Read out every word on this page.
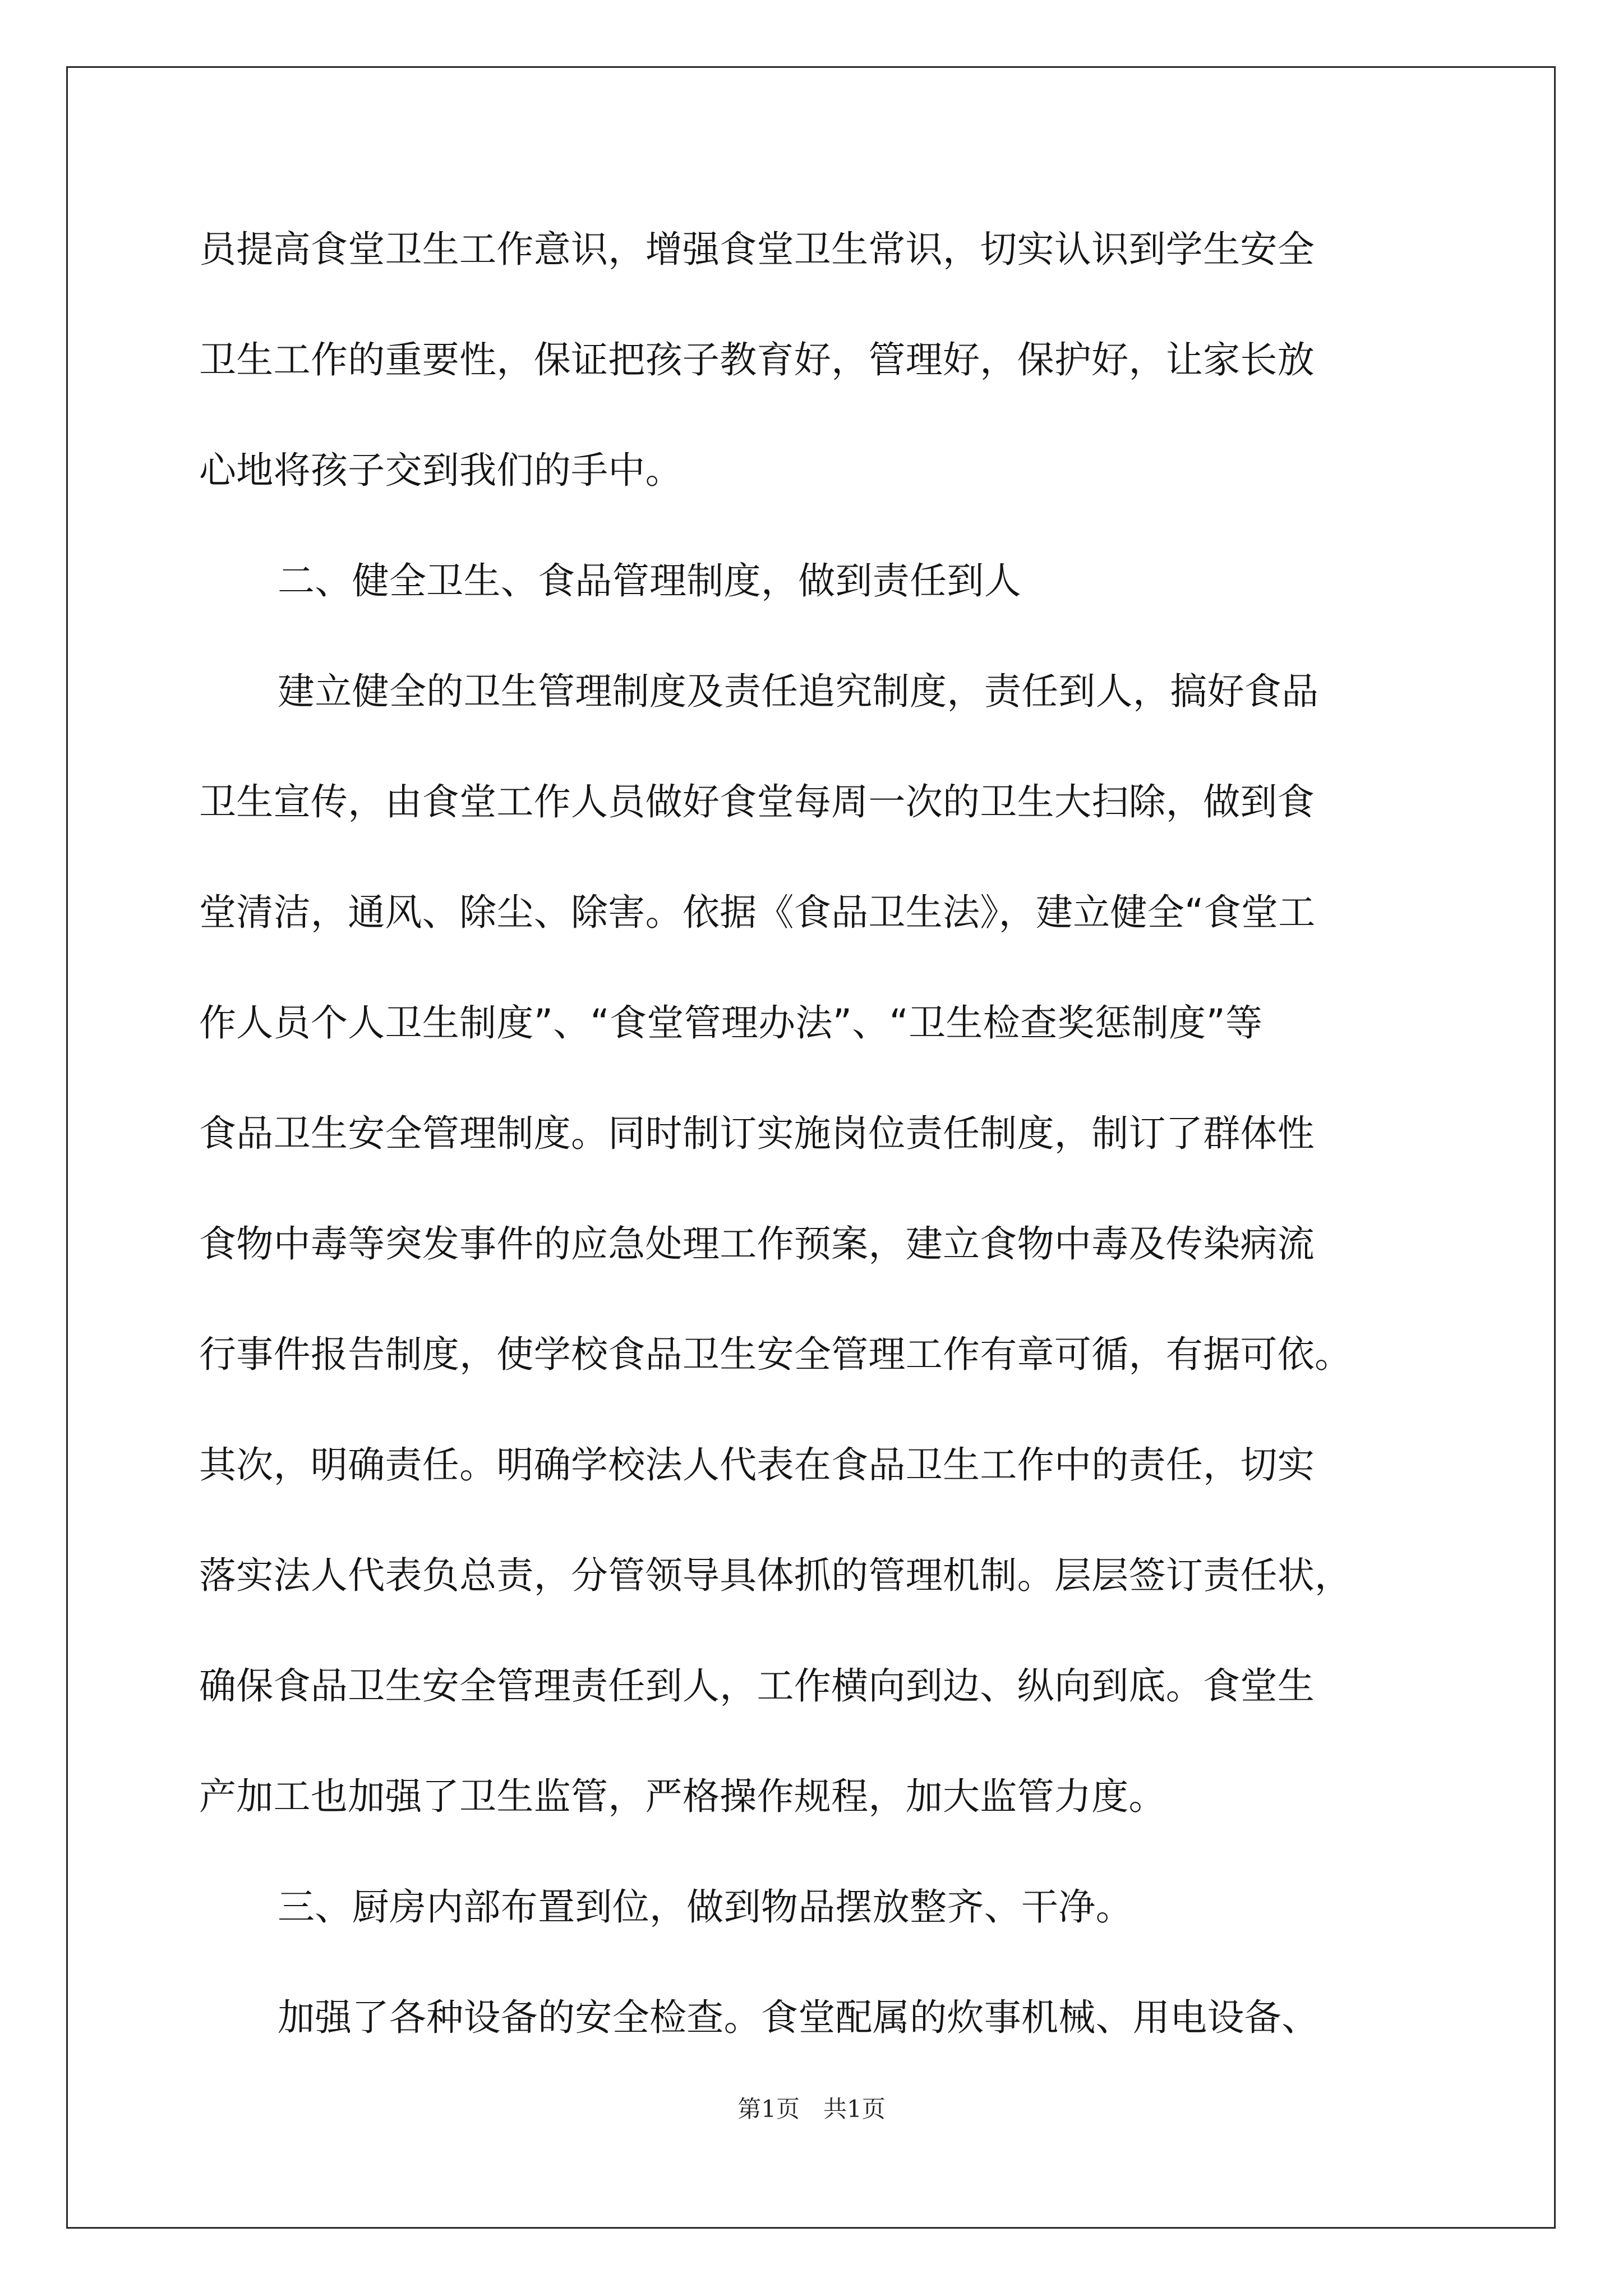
员提高食堂卫生工作意识，增强食堂卫生常识，切实认识到学生安全
卫生工作的重要性，保证把孩子教育好，管理好，保护好，让家长放
心地将孩子交到我们的手中。
二、健全卫生、食品管理制度，做到责任到人
建立健全的卫生管理制度及责任追究制度，责任到人，搞好食品
卫生宣传，由食堂工作人员做好食堂每周一次的卫生大扫除，做到食
堂清洁，通风、除尘、除害。依据《食品卫生法》，建立健全“食堂工
作人员个人卫生制度”、“食堂管理办法”、“卫生检查奖惩制度”等
食品卫生安全管理制度。同时制订实施岗位责任制度，制订了群体性
食物中毒等突发事件的应急处理工作预案，建立食物中毒及传染病流
行事件报告制度，使学校食品卫生安全管理工作有章可循，有据可依。
其次，明确责任。明确学校法人代表在食品卫生工作中的责任，切实
落实法人代表负总责，分管领导具体抓的管理机制。层层签订责任状，
确保食品卫生安全管理责任到人，工作横向到边、纵向到底。食堂生
产加工也加强了卫生监管，严格操作规程，加大监管力度。
三、厨房内部布置到位，做到物品摆放整齐、干净。
加强了各种设备的安全检查。食堂配属的炊事机械、用电设备、
第1页　共1页
